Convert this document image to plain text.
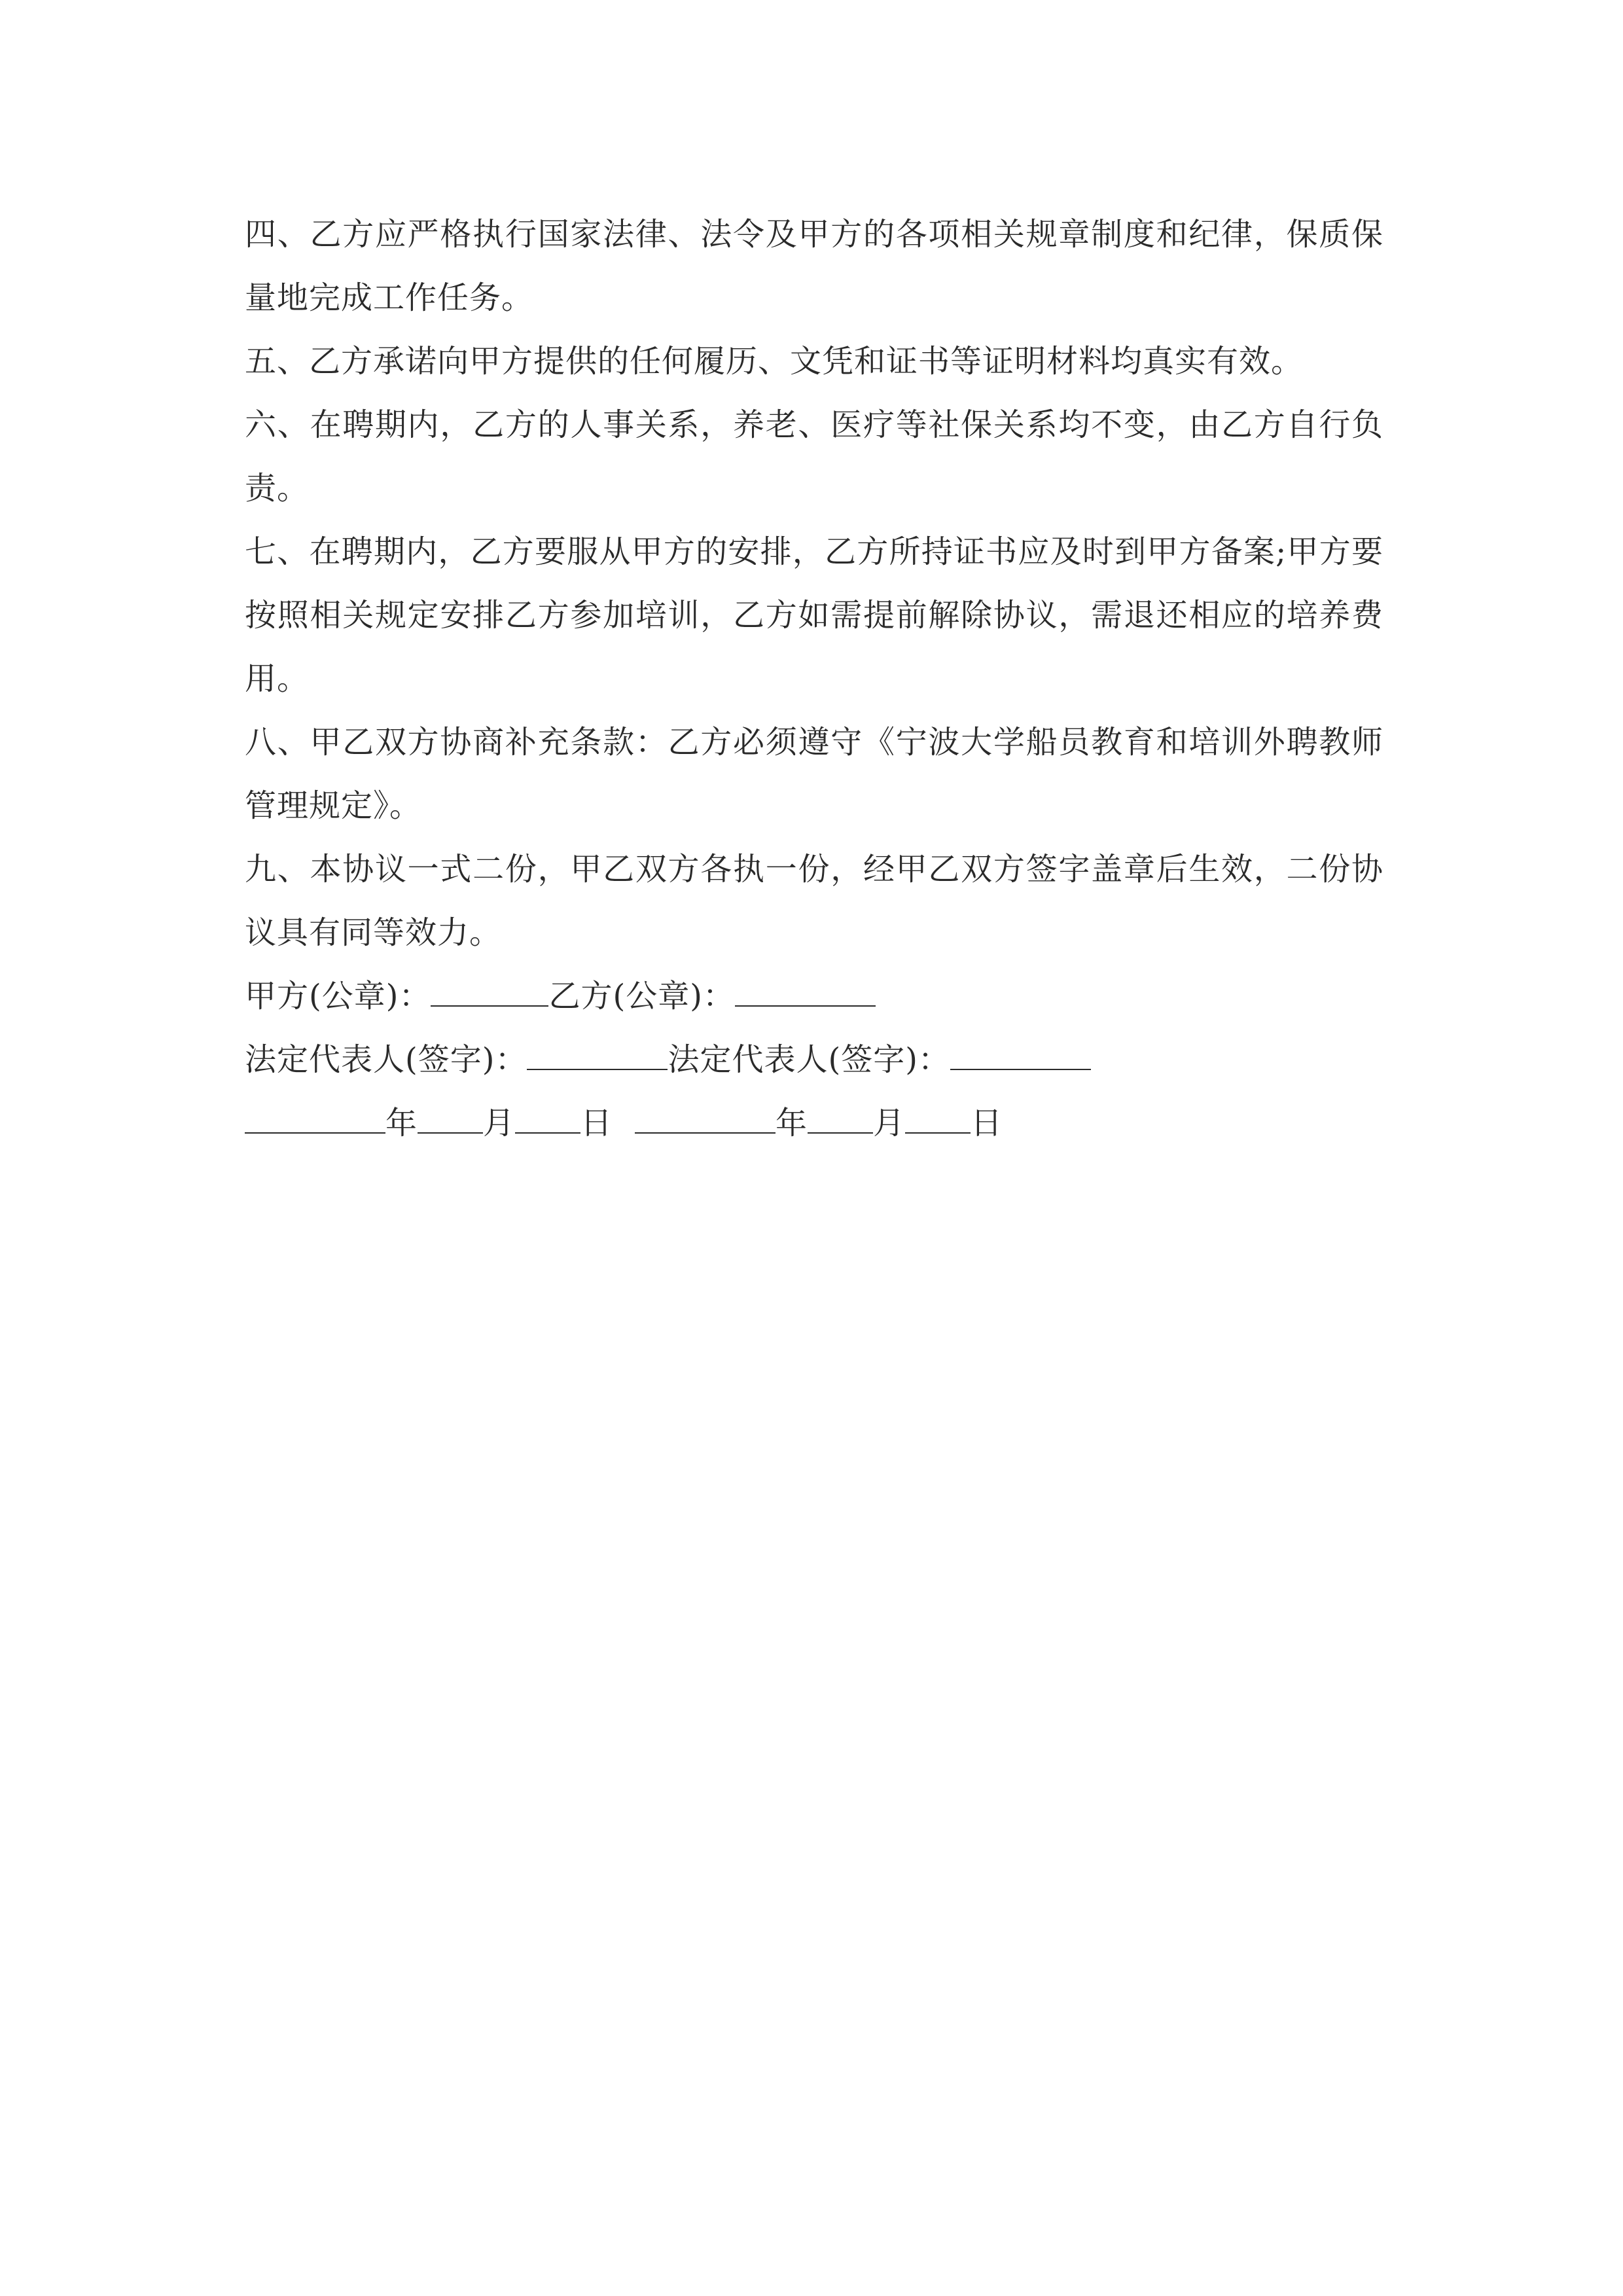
四、乙方应严格执行国家法律、法令及甲方的各项相关规章制度和纪律，保质保量地完成工作任务。

五、乙方承诺向甲方提供的任何履历、文凭和证书等证明材料均真实有效。

六、在聘期内，乙方的人事关系，养老、医疗等社保关系均不变，由乙方自行负责。

七、在聘期内，乙方要服从甲方的安排，乙方所持证书应及时到甲方备案;甲方要按照相关规定安排乙方参加培训，乙方如需提前解除协议，需退还相应的培养费用。

八、甲乙双方协商补充条款：乙方必须遵守《宁波大学船员教育和培训外聘教师管理规定》。

九、本协议一式二份，甲乙双方各执一份，经甲乙双方签字盖章后生效，二份协议具有同等效力。

甲方(公章)：	乙方(公章)：

法定代表人(签字)：	法定代表人(签字)：

年 月 日	年 月 日
